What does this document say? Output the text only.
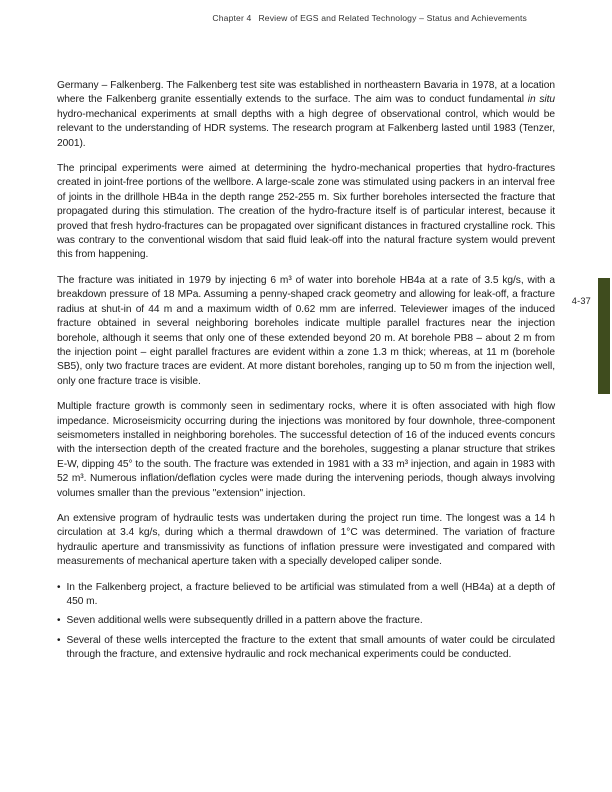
Chapter 4 Review of EGS and Related Technology – Status and Achievements
4-37

Germany – Falkenberg. The Falkenberg test site was established in northeastern Bavaria in 1978, at a location where the Falkenberg granite essentially extends to the surface. The aim was to conduct fundamental in situ hydro-mechanical experiments at small depths with a high degree of observational control, which would be relevant to the understanding of HDR systems. The research program at Falkenberg lasted until 1983 (Tenzer, 2001).

The principal experiments were aimed at determining the hydro-mechanical properties that hydro-fractures created in joint-free portions of the wellbore. A large-scale zone was stimulated using packers in an interval free of joints in the drillhole HB4a in the depth range 252-255 m. Six further boreholes intersected the fracture that propagated during this stimulation. The creation of the hydro-fracture itself is of particular interest, because it proved that fresh hydro-fractures can be propagated over significant distances in fractured crystalline rock. This was contrary to the conventional wisdom that said fluid leak-off into the natural fracture system would prevent this from happening.

The fracture was initiated in 1979 by injecting 6 m³ of water into borehole HB4a at a rate of 3.5 kg/s, with a breakdown pressure of 18 MPa. Assuming a penny-shaped crack geometry and allowing for leak-off, a fracture radius at shut-in of 44 m and a maximum width of 0.62 mm are inferred. Televiewer images of the induced fracture obtained in several neighboring boreholes indicate multiple parallel fractures near the injection borehole, although it seems that only one of these extended beyond 20 m. At borehole PB8 – about 2 m from the injection point – eight parallel fractures are evident within a zone 1.3 m thick; whereas, at 11 m (borehole SB5), only two fracture traces are evident. At more distant boreholes, ranging up to 50 m from the injection well, only one fracture trace is visible.

Multiple fracture growth is commonly seen in sedimentary rocks, where it is often associated with high flow impedance. Microseismicity occurring during the injections was monitored by four downhole, three-component seismometers installed in neighboring boreholes. The successful detection of 16 of the induced events concurs with the intersection depth of the created fracture and the boreholes, suggesting a planar structure that strikes E-W, dipping 45° to the south. The fracture was extended in 1981 with a 33 m³ injection, and again in 1983 with 52 m³. Numerous inflation/deflation cycles were made during the intervening periods, though always involving volumes smaller than the previous "extension" injection.

An extensive program of hydraulic tests was undertaken during the project run time. The longest was a 14 h circulation at 3.4 kg/s, during which a thermal drawdown of 1°C was determined. The variation of fracture hydraulic aperture and transmissivity as functions of inflation pressure were investigated and compared with measurements of mechanical aperture taken with a specially developed caliper sonde.

• In the Falkenberg project, a fracture believed to be artificial was stimulated from a well (HB4a) at a depth of 450 m.
• Seven additional wells were subsequently drilled in a pattern above the fracture.
• Several of these wells intercepted the fracture to the extent that small amounts of water could be circulated through the fracture, and extensive hydraulic and rock mechanical experiments could be conducted.
